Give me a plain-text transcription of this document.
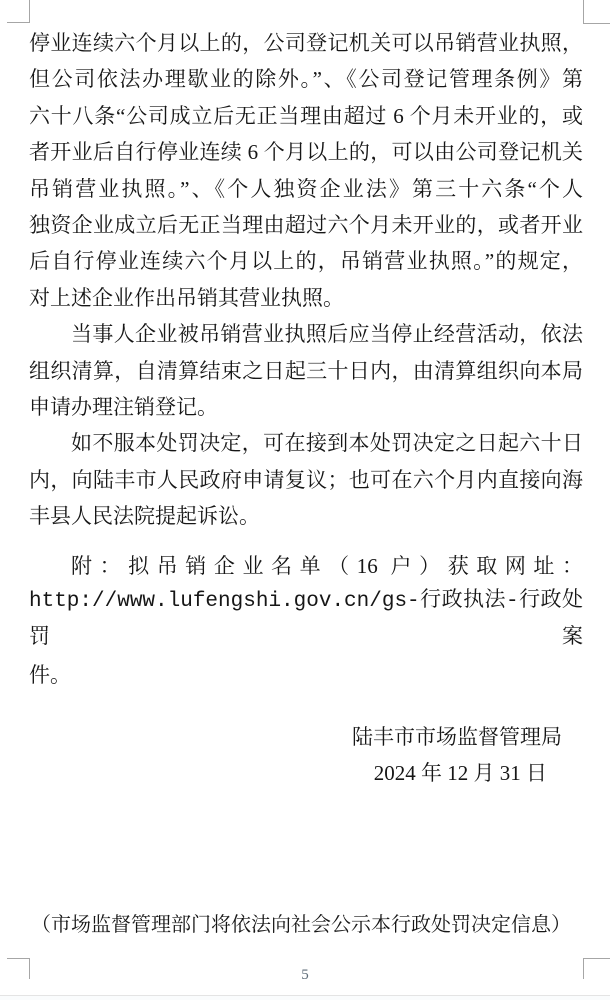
停业连续六个月以上的，公司登记机关可以吊销营业执照，
但公司依法办理歇业的除外。”、《公司登记管理条例》第
六十八条“公司成立后无正当理由超过 6 个月未开业的，或
者开业后自行停业连续 6 个月以上的，可以由公司登记机关
吊销营业执照。”、《个人独资企业法》第三十六条“个人
独资企业成立后无正当理由超过六个月未开业的，或者开业
后自行停业连续六个月以上的，吊销营业执照。”的规定，
对上述企业作出吊销其营业执照。
当事人企业被吊销营业执照后应当停止经营活动，依法
组织清算，自清算结束之日起三十日内，由清算组织向本局
申请办理注销登记。
如不服本处罚决定，可在接到本处罚决定之日起六十日
内，向陆丰市人民政府申请复议；也可在六个月内直接向海
丰县人民法院提起诉讼。
附：拟吊销企业名单（16 户）获取网址：
http://www.lufengshi.gov.cn/gs-行政执法-行政处罚案
件。
陆丰市市场监督管理局
2024 年 12 月 31 日
（市场监督管理部门将依法向社会公示本行政处罚决定信息）
5
